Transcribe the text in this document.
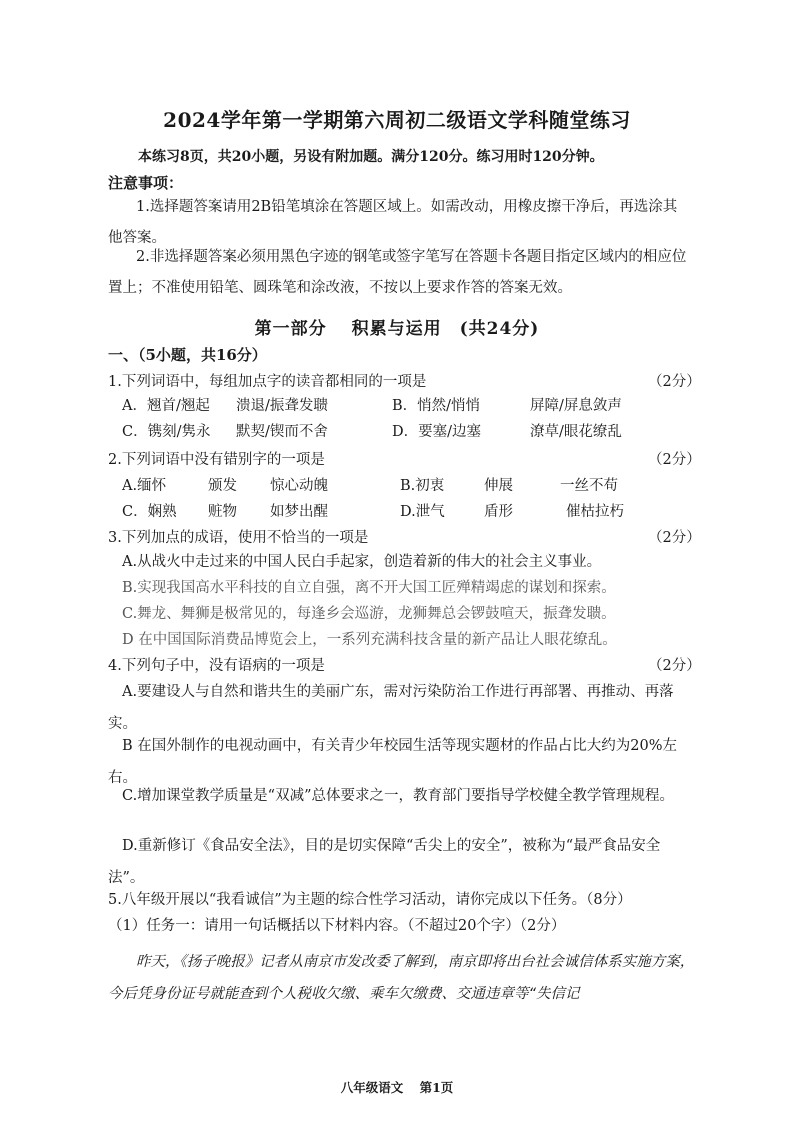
2024学年第一学期第六周初二级语文学科随堂练习
本练习8页，共20小题，另设有附加题。满分120分。练习用时120分钟。
注意事项：
1.选择题答案请用2B铅笔填涂在答题区域上。如需改动，用橡皮擦干净后，再选涂其他答案。
2.非选择题答案必须用黑色字迹的钢笔或签字笔写在答题卡各题目指定区域内的相应位置上；不准使用铅笔、圆珠笔和涂改液，不按以上要求作答的答案无效。
第一部分　 积累与运用　(共24分)
一、（5小题，共16分）
1.下列词语中，每组加点字的读音都相同的一项是	（2分）
A．翘首/翘起 溃退/振聋发聩	B．悄然/悄悄	屏障/屏息敛声
C．镌刻/隽永 默契/锲而不舍	D．要塞/边塞	潦草/眼花缭乱
2.下列词语中没有错别字的一项是	（2分）
A.缅怀	颁发 惊心动魄	B.初衷	伸展	一丝不苟
C．娴熟 赃物 如梦出醒	D.泄气	盾形	催枯拉朽
3.下列加点的成语，使用不恰当的一项是	（2分）
A.从战火中走过来的中国人民白手起家，创造着新的伟大的社会主义事业。
B.实现我国高水平科技的自立自强，离不开大国工匠殚精竭虑的谋划和探索。
C.舞龙、舞狮是极常见的，每逢乡会巡游，龙狮舞总会锣鼓喧天，振聋发聩。
D 在中国国际消费品博览会上，一系列充满科技含量的新产品让人眼花缭乱。
4.下列句子中，没有语病的一项是	（2分）
A.要建设人与自然和谐共生的美丽广东，需对污染防治工作进行再部署、再推动、再落实。
B 在国外制作的电视动画中，有关青少年校园生活等现实题材的作品占比大约为20%左右。
C.增加课堂教学质量是“双减”总体要求之一，教育部门要指导学校健全教学管理规程。
D.重新修订《食品安全法》，目的是切实保障“舌尖上的安全”，被称为“最严食品安全法”。
5.八年级开展以“我看诚信”为主题的综合性学习活动，请你完成以下任务。（8分）
（1）任务一：请用一句话概括以下材料内容。（不超过20个字）（2分）
昨天，《扬子晚报》记者从南京市发改委了解到，南京即将出台社会诚信体系实施方案，今后凭身份证号就能查到个人税收欠缴、乘车欠缴费、交通违章等“失信记
八年级语文 第1页
